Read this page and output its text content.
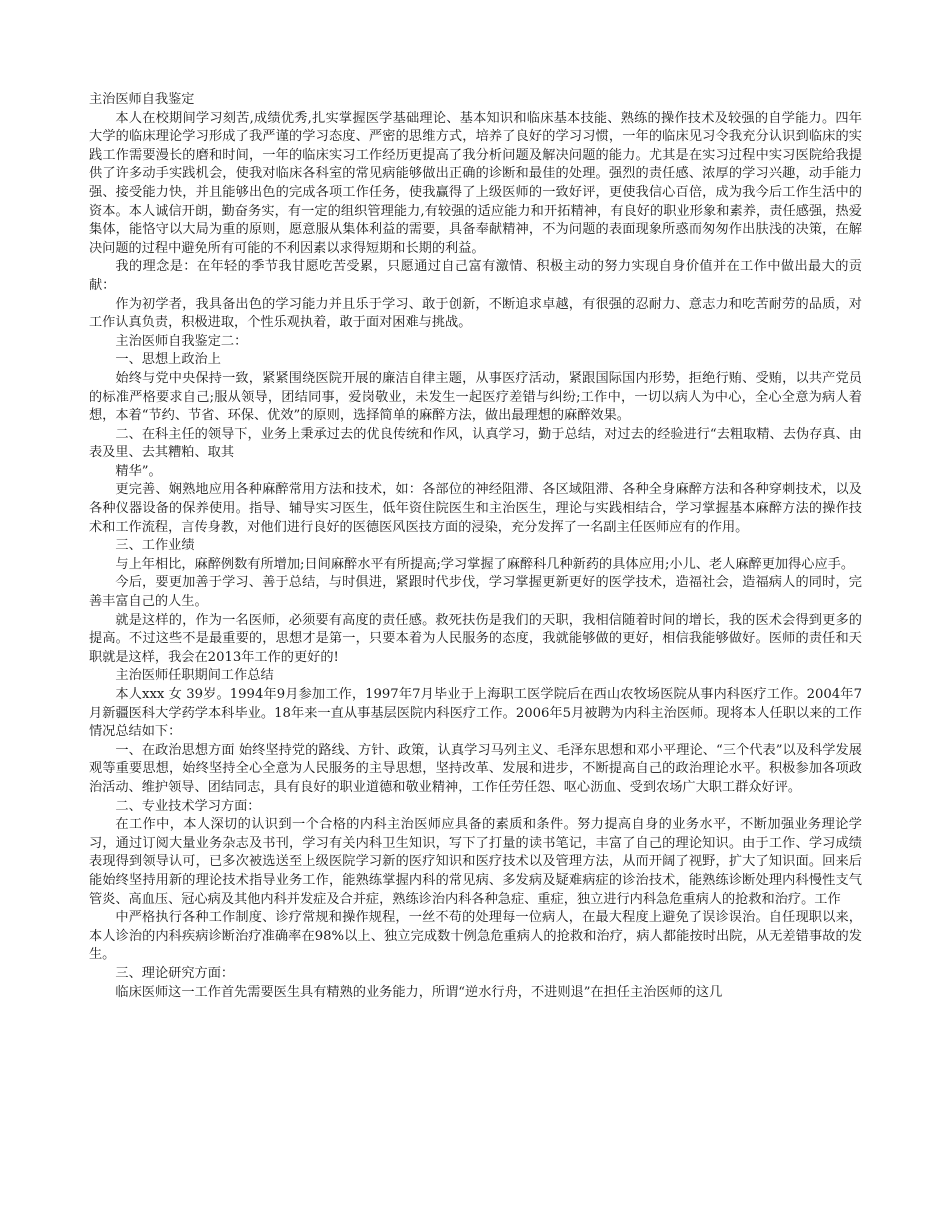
主治医师自我鉴定

本人在校期间学习刻苦,成绩优秀,扎实掌握医学基础理论、基本知识和临床基本技能、熟练的操作技术及较强的自学能力。四年大学的临床理论学习形成了我严谨的学习态度、严密的思维方式，培养了良好的学习习惯，一年的临床见习令我充分认识到临床的实践工作需要漫长的磨和时间，一年的临床实习工作经历更提高了我分析问题及解决问题的能力。尤其是在实习过程中实习医院给我提供了许多动手实践机会，使我对临床各科室的常见病能够做出正确的诊断和最佳的处理。强烈的责任感、浓厚的学习兴趣，动手能力强、接受能力快，并且能够出色的完成各项工作任务，使我赢得了上级医师的一致好评，更使我信心百倍，成为我今后工作生活中的资本。本人诚信开朗，勤奋务实，有一定的组织管理能力,有较强的适应能力和开拓精神，有良好的职业形象和素养，责任感强，热爱集体，能恪守以大局为重的原则，愿意服从集体利益的需要，具备奉献精神，不为问题的表面现象所惑而匆匆作出肤浅的决策，在解决问题的过程中避免所有可能的不利因素以求得短期和长期的利益。

我的理念是：在年轻的季节我甘愿吃苦受累，只愿通过自己富有激情、积极主动的努力实现自身价值并在工作中做出最大的贡献：

作为初学者，我具备出色的学习能力并且乐于学习、敢于创新，不断追求卓越，有很强的忍耐力、意志力和吃苦耐劳的品质，对工作认真负责，积极进取，个性乐观执着，敢于面对困难与挑战。

主治医师自我鉴定二：

一、思想上政治上

始终与党中央保持一致，紧紧围绕医院开展的廉洁自律主题，从事医疗活动，紧跟国际国内形势，拒绝行贿、受贿，以共产党员的标准严格要求自己;服从领导，团结同事，爱岗敬业，未发生一起医疗差错与纠纷;工作中，一切以病人为中心，全心全意为病人着想，本着“节约、节省、环保、优效”的原则，选择简单的麻醉方法，做出最理想的麻醉效果。

二、在科主任的领导下，业务上秉承过去的优良传统和作风，认真学习，勤于总结，对过去的经验进行“去粗取精、去伪存真、由表及里、去其糟粕、取其

精华”。

更完善、娴熟地应用各种麻醉常用方法和技术，如：各部位的神经阻滞、各区域阻滞、各种全身麻醉方法和各种穿刺技术，以及各种仪器设备的保养使用。指导、辅导实习医生，低年资住院医生和主治医生，理论与实践相结合，学习掌握基本麻醉方法的操作技术和工作流程，言传身教，对他们进行良好的医德医风医技方面的浸染，充分发挥了一名副主任医师应有的作用。

三、工作业绩

与上年相比，麻醉例数有所增加;日间麻醉水平有所提高;学习掌握了麻醉科几种新药的具体应用;小儿、老人麻醉更加得心应手。

今后，要更加善于学习、善于总结，与时俱进，紧跟时代步伐，学习掌握更新更好的医学技术，造福社会，造福病人的同时，完善丰富自己的人生。

就是这样的，作为一名医师，必须要有高度的责任感。救死扶伤是我们的天职，我相信随着时间的增长，我的医术会得到更多的提高。不过这些不是最重要的，思想才是第一，只要本着为人民服务的态度，我就能够做的更好，相信我能够做好。医师的责任和天职就是这样，我会在2013年工作的更好的!

主治医师任职期间工作总结

本人xxx 女 39岁。1994年9月参加工作，1997年7月毕业于上海职工医学院后在西山农牧场医院从事内科医疗工作。2004年7月新疆医科大学药学本科毕业。18年来一直从事基层医院内科医疗工作。2006年5月被聘为内科主治医师。现将本人任职以来的工作情况总结如下：

一、在政治思想方面 始终坚持党的路线、方针、政策，认真学习马列主义、毛泽东思想和邓小平理论、“三个代表”以及科学发展观等重要思想，始终坚持全心全意为人民服务的主导思想，坚持改革、发展和进步，不断提高自己的政治理论水平。积极参加各项政治活动、维护领导、团结同志，具有良好的职业道德和敬业精神，工作任劳任怨、呕心沥血、受到农场广大职工群众好评。

二、专业技术学习方面：

在工作中，本人深切的认识到一个合格的内科主治医师应具备的素质和条件。努力提高自身的业务水平，不断加强业务理论学习，通过订阅大量业务杂志及书刊，学习有关内科卫生知识，写下了打量的读书笔记，丰富了自己的理论知识。由于工作、学习成绩表现得到领导认可，已多次被选送至上级医院学习新的医疗知识和医疗技术以及管理方法，从而开阔了视野，扩大了知识面。回来后能始终坚持用新的理论技术指导业务工作，能熟练掌握内科的常见病、多发病及疑难病症的诊治技术，能熟练诊断处理内科慢性支气管炎、高血压、冠心病及其他内科并发症及合并症，熟练诊治内科各种急症、重症，独立进行内科急危重病人的抢救和治疗。工作

中严格执行各种工作制度、诊疗常规和操作规程，一丝不苟的处理每一位病人，在最大程度上避免了误诊误治。自任现职以来，本人诊治的内科疾病诊断治疗准确率在98%以上、独立完成数十例急危重病人的抢救和治疗，病人都能按时出院，从无差错事故的发生。

三、理论研究方面：

临床医师这一工作首先需要医生具有精熟的业务能力，所谓“逆水行舟，不进则退”在担任主治医师的这几
